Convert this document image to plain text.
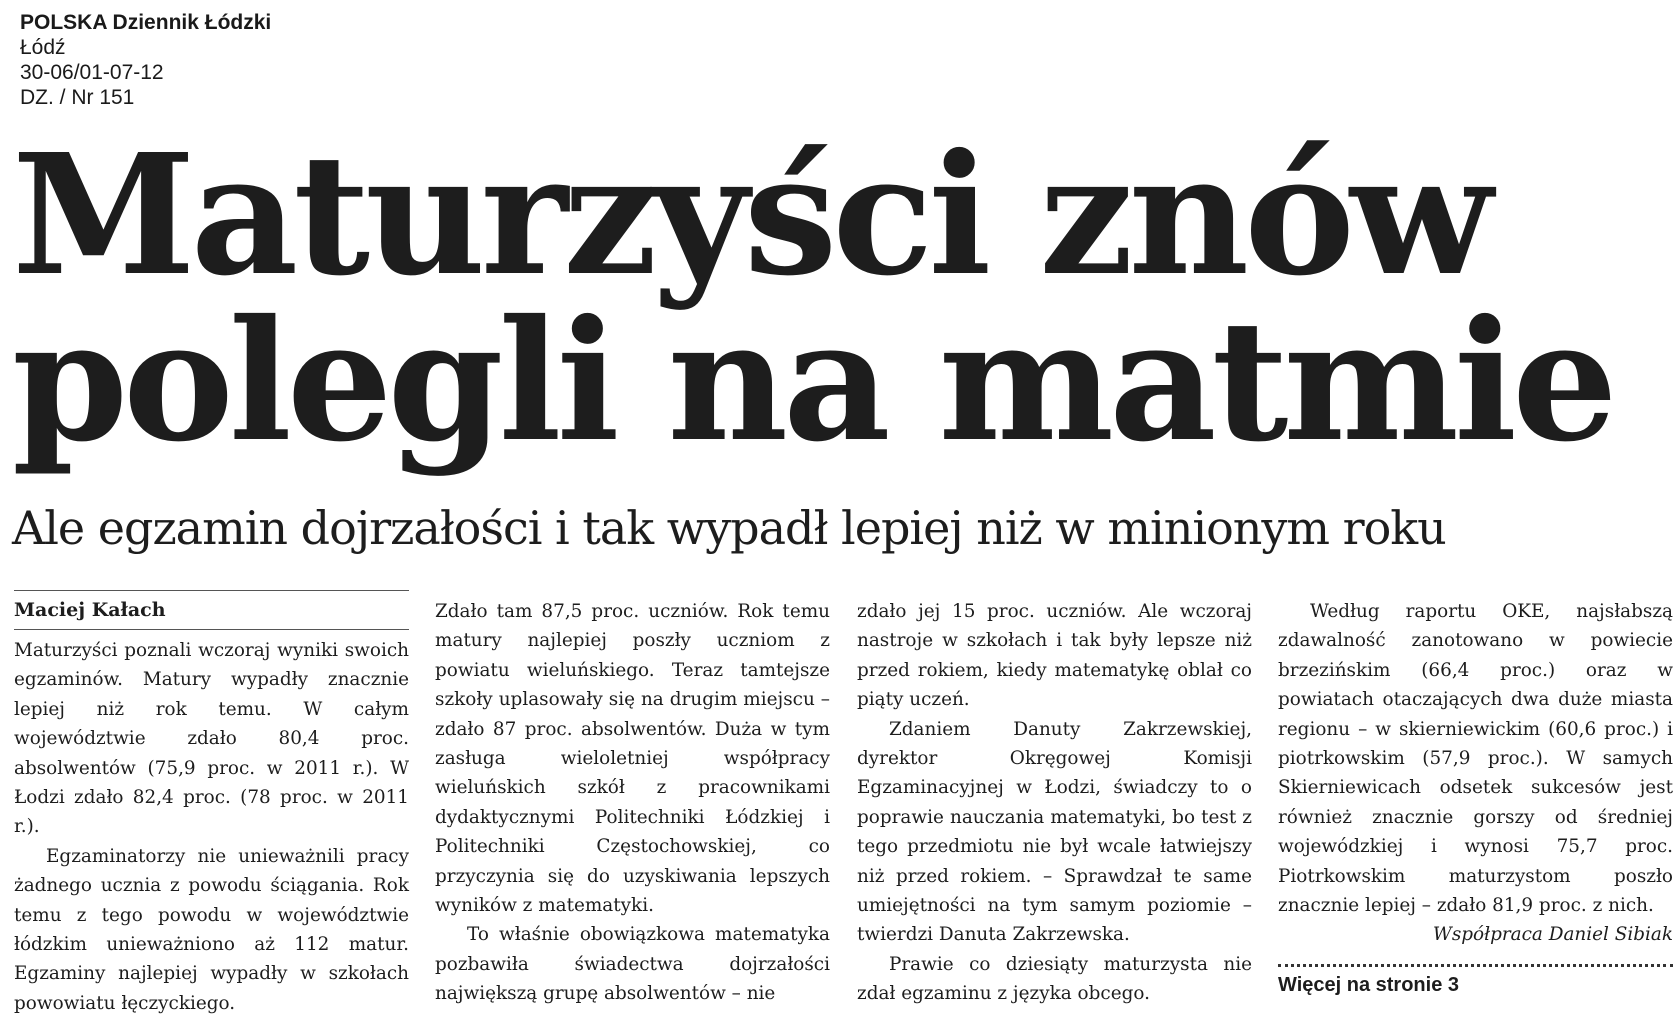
POLSKA Dziennik Łódzki
Łódź
30-06/01-07-12
DZ. / Nr 151
Maturzyści znów
polegli na matmie
Ale egzamin dojrzałości i tak wypadł lepiej niż w minionym roku
Maciej Kałach

Maturzyści poznali wczoraj wyniki swoich egzaminów. Matury wypadły znacznie lepiej niż rok temu. W całym województwie zdało 80,4 proc. absolwentów (75,9 proc. w 2011 r.). W Łodzi zdało 82,4 proc. (78 proc. w 2011 r.).

Egzaminatorzy nie unieważnili pracy żadnego ucznia z powodu ściągania. Rok temu z tego powodu w województwie łódzkim unieważniono aż 112 matur. Egzaminy najlepiej wypadły w szkołach powowiatu łęczyckiego.

Zdało tam 87,5 proc. uczniów. Rok temu matury najlepiej poszły uczniom z powiatu wieluńskiego. Teraz tamtejsze szkoły uplasowały się na drugim miejscu – zdało 87 proc. absolwentów. Duża w tym zasługa wieloletniej współpracy wieluńskich szkół z pracownikami dydaktycznymi Politechniki Łódzkiej i Politechniki Częstochowskiej, co przyczynia się do uzyskiwania lepszych wyników z matematyki.

To właśnie obowiązkowa matematyka pozbawiła świadectwa dojrzałości największą grupę absolwentów – nie

zdało jej 15 proc. uczniów. Ale wczoraj nastroje w szkołach i tak były lepsze niż przed rokiem, kiedy matematykę oblał co piąty uczeń.

Zdaniem Danuty Zakrzewskiej, dyrektor Okręgowej Komisji Egzaminacyjnej w Łodzi, świadczy to o poprawie nauczania matematyki, bo test z tego przedmiotu nie był wcale łatwiejszy niż przed rokiem. – Sprawdzał te same umiejętności na tym samym poziomie – twierdzi Danuta Zakrzewska.

Prawie co dziesiąty maturzysta nie zdał egzaminu z języka obcego.

Według raportu OKE, najsłabszą zdawalność zanotowano w powiecie brzezińskim (66,4 proc.) oraz w powiatach otaczających dwa duże miasta regionu – w skierniewickim (60,6 proc.) i piotrkowskim (57,9 proc.). W samych Skierniewicach odsetek sukcesów jest również znacznie gorszy od średniej wojewódzkiej i wynosi 75,7 proc. Piotrkowskim maturzystom poszło znacznie lepiej – zdało 81,9 proc. z nich.

Współpraca Daniel Sibiak

Więcej na stronie 3
